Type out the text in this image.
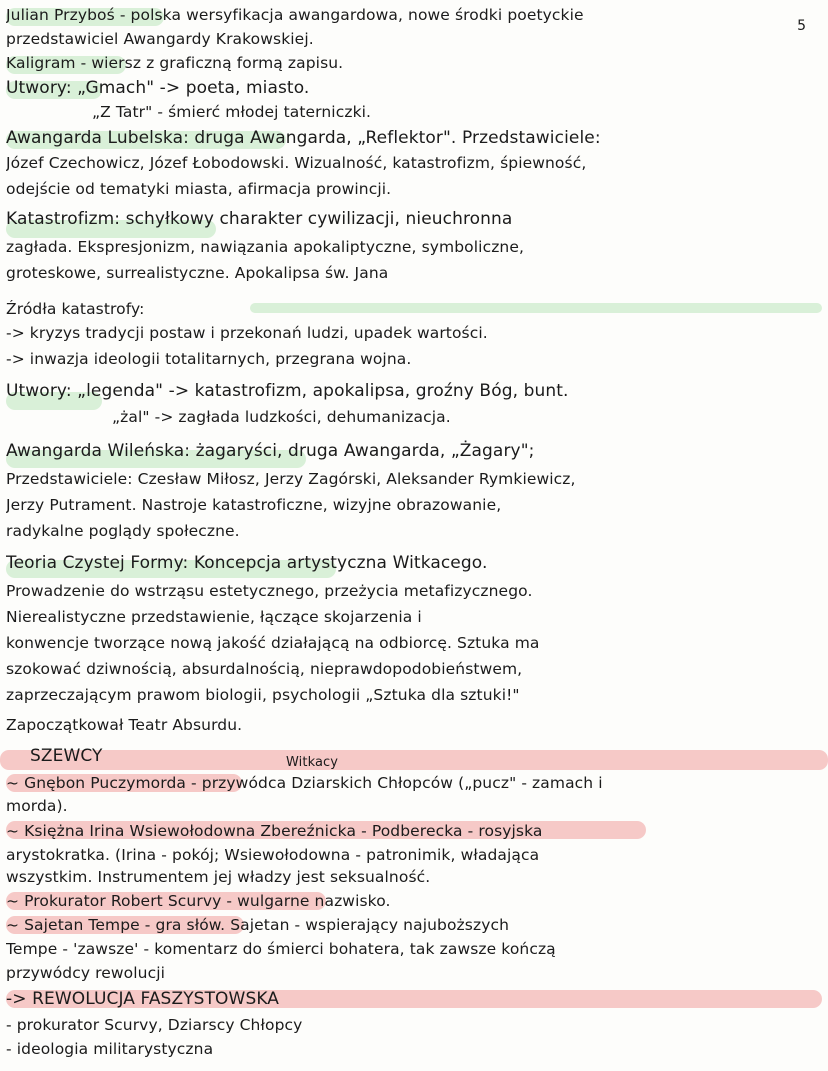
5
Julian Przyboś - polska wersyfikacja awangardowa, nowe środki poetyckie
przedstawiciel Awangardy Krakowskiej.
Kaligram - wiersz z graficzną formą zapisu.
Utwory: „Gmach" -> poeta, miasto.
„Z Tatr" - śmierć młodej taterniczki.
Awangarda Lubelska: druga Awangarda, „Reflektor". Przedstawiciele:
Józef Czechowicz, Józef Łobodowski. Wizualność, katastrofizm, śpiewność,
odejście od tematyki miasta, afirmacja prowincji.
Katastrofizm: schyłkowy charakter cywilizacji, nieuchronna
zagłada. Ekspresjonizm, nawiązania apokaliptyczne, symboliczne,
groteskowe, surrealistyczne. Apokalipsa św. Jana
Źródła katastrofy:
-> kryzys tradycji postaw i przekonań ludzi, upadek wartości.
-> inwazja ideologii totalitarnych, przegrana wojna.
Utwory: „legenda" -> katastrofizm, apokalipsa, groźny Bóg, bunt.
„żal" -> zagłada ludzkości, dehumanizacja.
Awangarda Wileńska: żagaryści, druga Awangarda, „Żagary";
Przedstawiciele: Czesław Miłosz, Jerzy Zagórski, Aleksander Rymkiewicz,
Jerzy Putrament. Nastroje katastroficzne, wizyjne obrazowanie,
radykalne poglądy społeczne.
Teoria Czystej Formy: Koncepcja artystyczna Witkacego.
Prowadzenie do wstrząsu estetycznego, przeżycia metafizycznego.
Nierealistyczne przedstawienie, łączące skojarzenia i
konwencje tworzące nową jakość działającą na odbiorcę. Sztuka ma
szokować dziwnością, absurdalnością, nieprawdopodobieństwem,
zaprzeczającym prawom biologii, psychologii „Sztuka dla sztuki!"
Zapoczątkował Teatr Absurdu.
SZEWCY	Witkacy
~ Gnębon Puczymorda - przywódca Dziarskich Chłopców („pucz" - zamach i
morda).
~ Księżna Irina Wsiewołodowna Zbereźnicka - Podberecka - rosyjska
arystokratka. (Irina - pokój; Wsiewołodowna - patronimik, władająca
wszystkim. Instrumentem jej władzy jest seksualność.
~ Prokurator Robert Scurvy - wulgarne nazwisko.
~ Sajetan Tempe - gra słów. Sajetan - wspierający najuboższych
Tempe - 'zawsze' - komentarz do śmierci bohatera, tak zawsze kończą
przywódcy rewolucji
-> REWOLUCJA FASZYSTOWSKA
- prokurator Scurvy, Dziarscy Chłopcy
- ideologia militarystyczna
